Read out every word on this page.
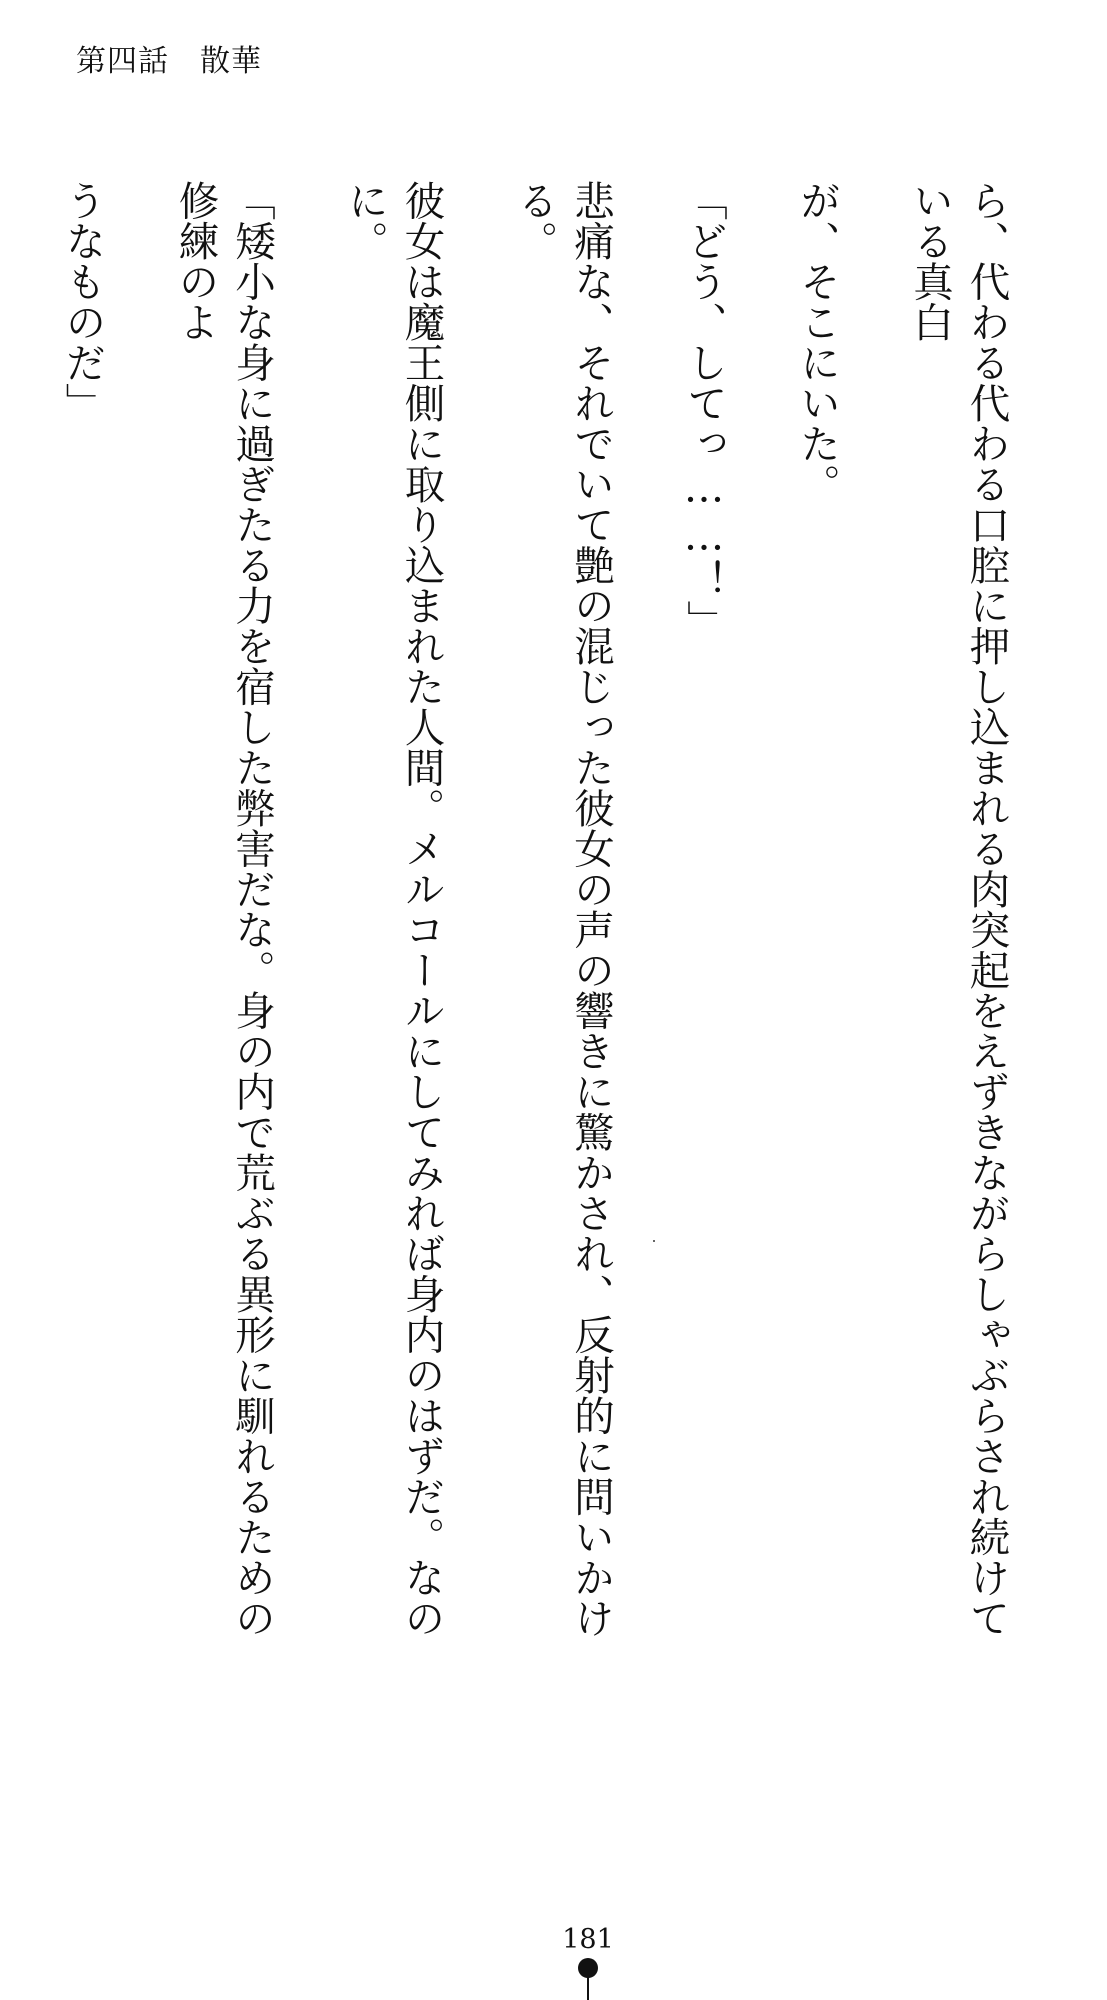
第四話　散華

ら、代わる代わる口腔に押し込まれる肉突起をえずきながらしゃぶらされ続けている真白

が、そこにいた。

「どう、してっ……！」

悲痛な、それでいて艶の混じった彼女の声の響きに驚かされ、反射的に問いかける。

彼女は魔王側に取り込まれた人間。メルコールにしてみれば身内のはずだ。なのに。

「矮小な身に過ぎたる力を宿した弊害だな。身の内で荒ぶる異形に馴れるための修練のよ

うなものだ」

181
